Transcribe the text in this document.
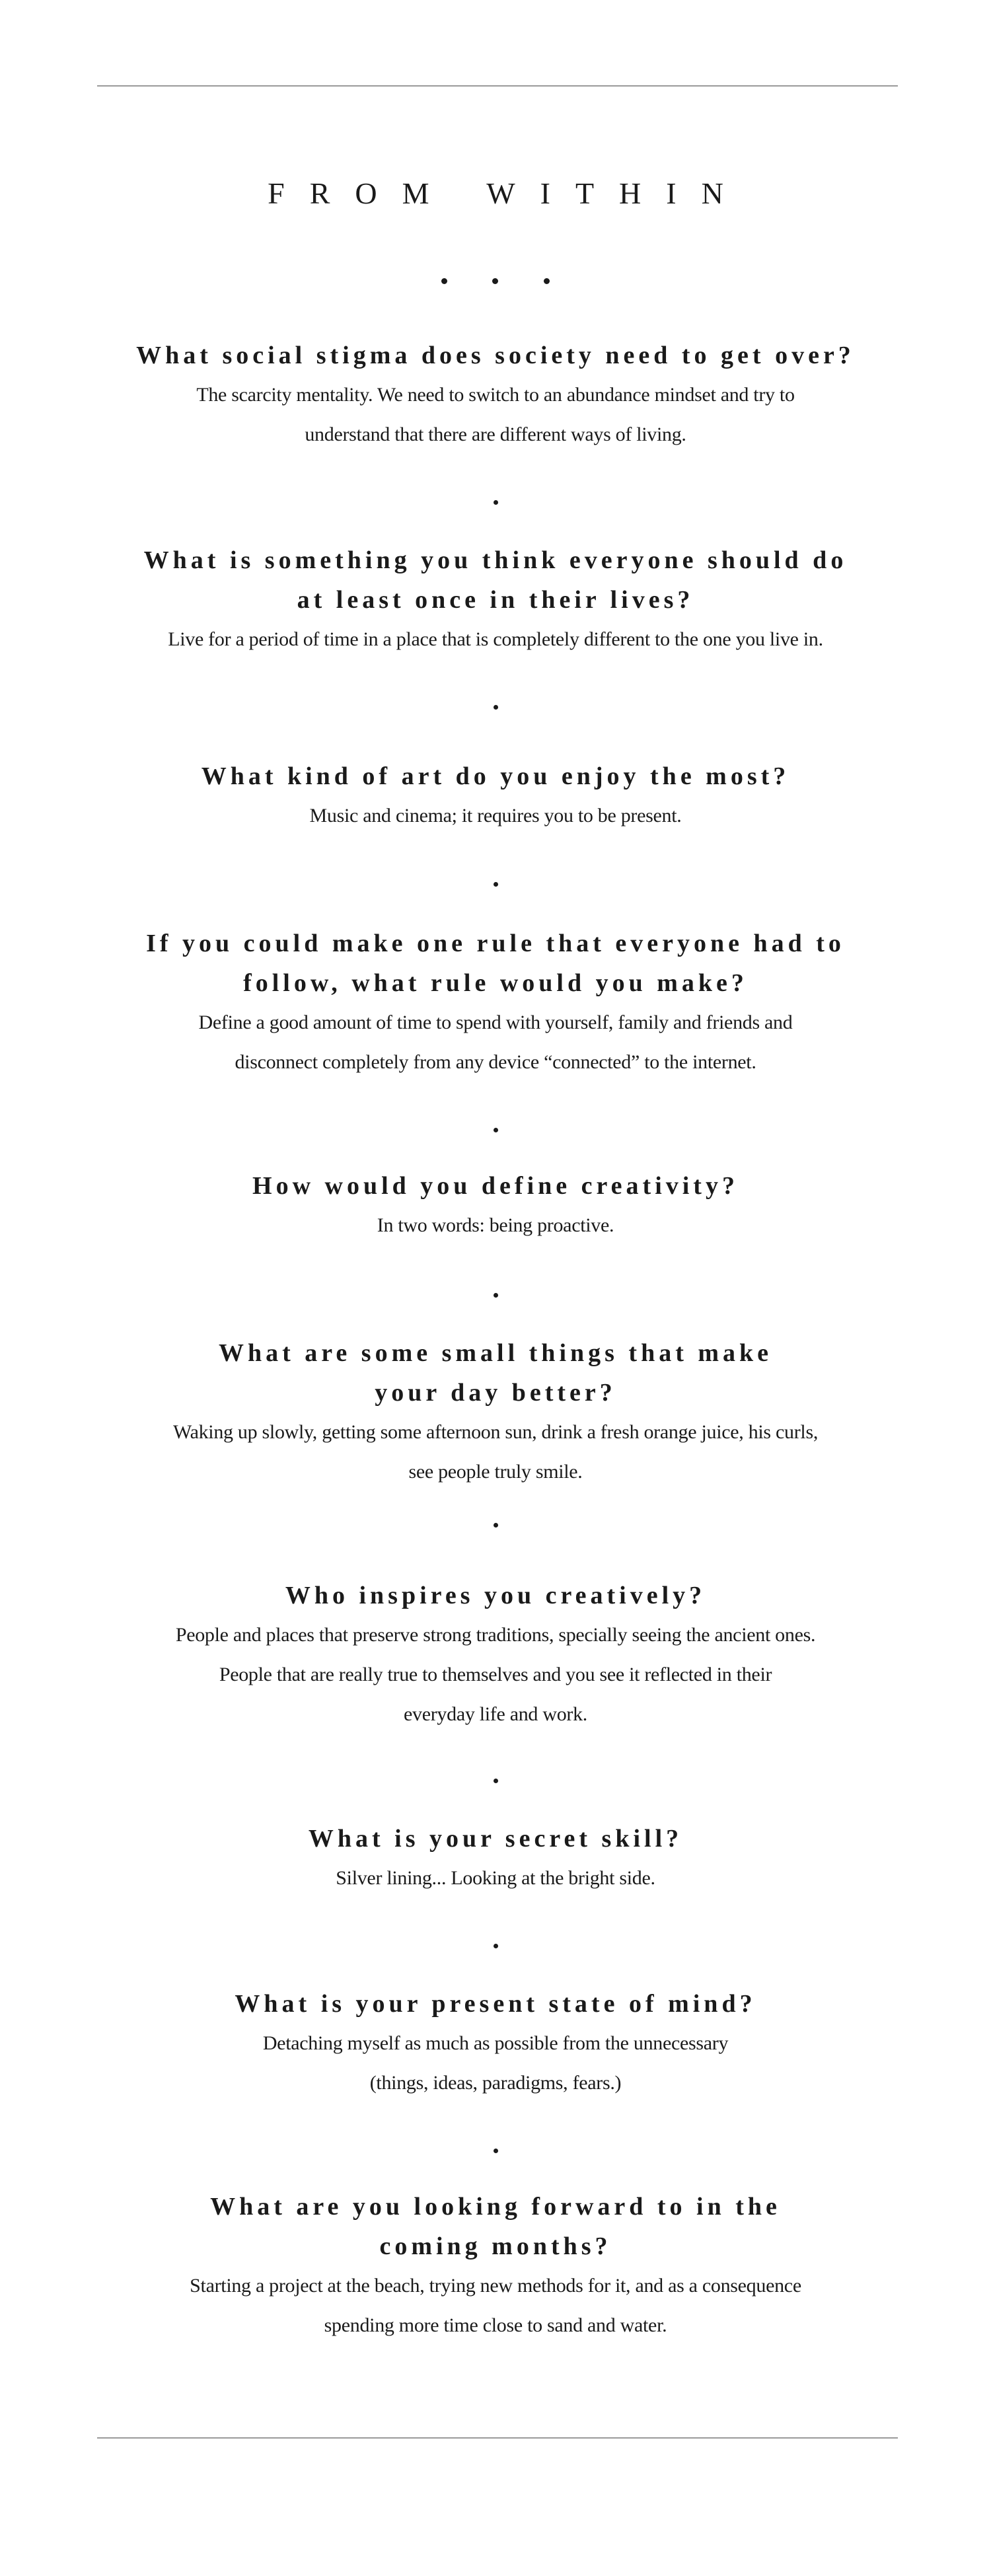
FROM WITHIN

What social stigma does society need to get over?

The scarcity mentality. We need to switch to an abundance mindset and try to
understand that there are different ways of living.

What is something you think everyone should do
at least once in their lives?

Live for a period of time in a place that is completely different to the one you live in.

What kind of art do you enjoy the most?

Music and cinema; it requires you to be present.

If you could make one rule that everyone had to
follow, what rule would you make?

Define a good amount of time to spend with yourself, family and friends and
disconnect completely from any device “connected” to the internet.

How would you define creativity?

In two words: being proactive.

What are some small things that make
your day better?

Waking up slowly, getting some afternoon sun, drink a fresh orange juice, his curls,
see people truly smile.

Who inspires you creatively?

People and places that preserve strong traditions, specially seeing the ancient ones.
People that are really true to themselves and you see it reflected in their
everyday life and work.

What is your secret skill?

Silver lining... Looking at the bright side.

What is your present state of mind?

Detaching myself as much as possible from the unnecessary
(things, ideas, paradigms, fears.)

What are you looking forward to in the
coming months?

Starting a project at the beach, trying new methods for it, and as a consequence
spending more time close to sand and water.
